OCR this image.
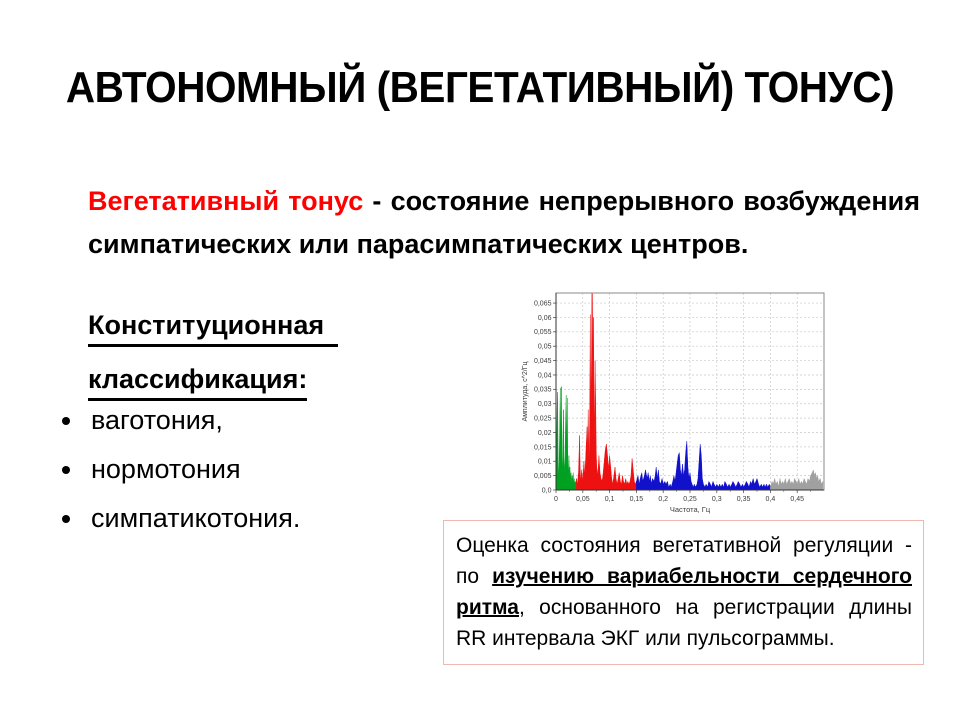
АВТОНОМНЫЙ (ВЕГЕТАТИВНЫЙ) ТОНУС)

Вегетативный тонус - состояние непрерывного возбуждения симпатических или парасимпатических центров.

Конституционная
классификация:
ваготония,
нормотония
симпатикотония.
0,0
0,005
0,01
0,015
0,02
0,025
0,03
0,035
0,04
0,045
0,05
0,055
0,06
0,065
0	0,05 0,1 0,15 0,2 0,25 0,3 0,35 0,4 0,45
Частота, Гц
Амплитуда, с^2/Гц
Оценка состояния вегетативной регуляции - по изучению вариабельности сердечного ритма, основанного на регистрации длины RR интервала ЭКГ или пульсограммы.
